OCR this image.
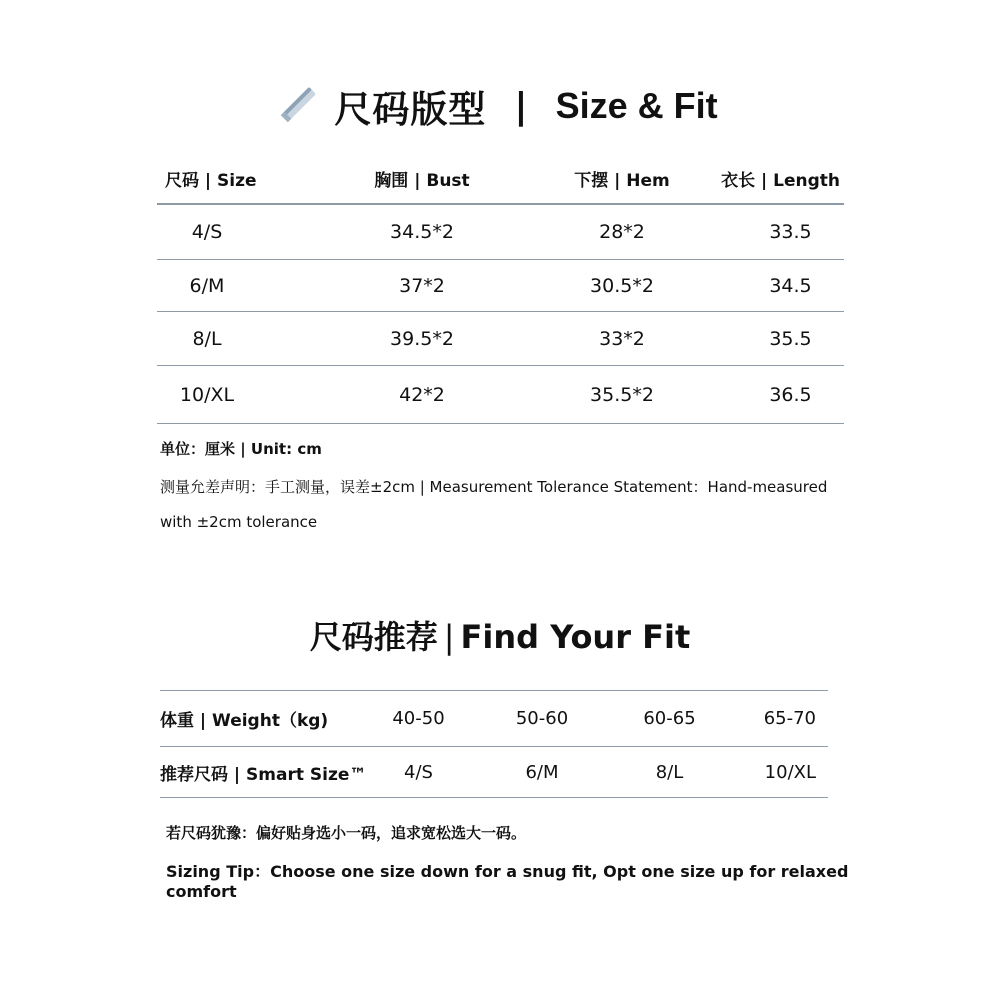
尺码版型 | Size & Fit
尺码 | Size	胸围 | Bust	下摆 | Hem	衣长 | Length
4/S	34.5*2	28*2	33.5
6/M	37*2	30.5*2	34.5
8/L	39.5*2	33*2	35.5
10/XL	42*2	35.5*2	36.5
单位：厘米 | Unit: cm
测量允差声明：手工测量，误差±2cm | Measurement Tolerance Statement：Hand-measured
with ±2cm tolerance
尺码推荐 | Find Your Fit
体重 | Weight（kg)	40-50	50-60	60-65	65-70
推荐尺码 | Smart Size™	4/S	6/M	8/L	10/XL
若尺码犹豫：偏好贴身选小一码，追求宽松选大一码。
Sizing Tip：Choose one size down for a snug fit, Opt one size up for relaxed comfort
